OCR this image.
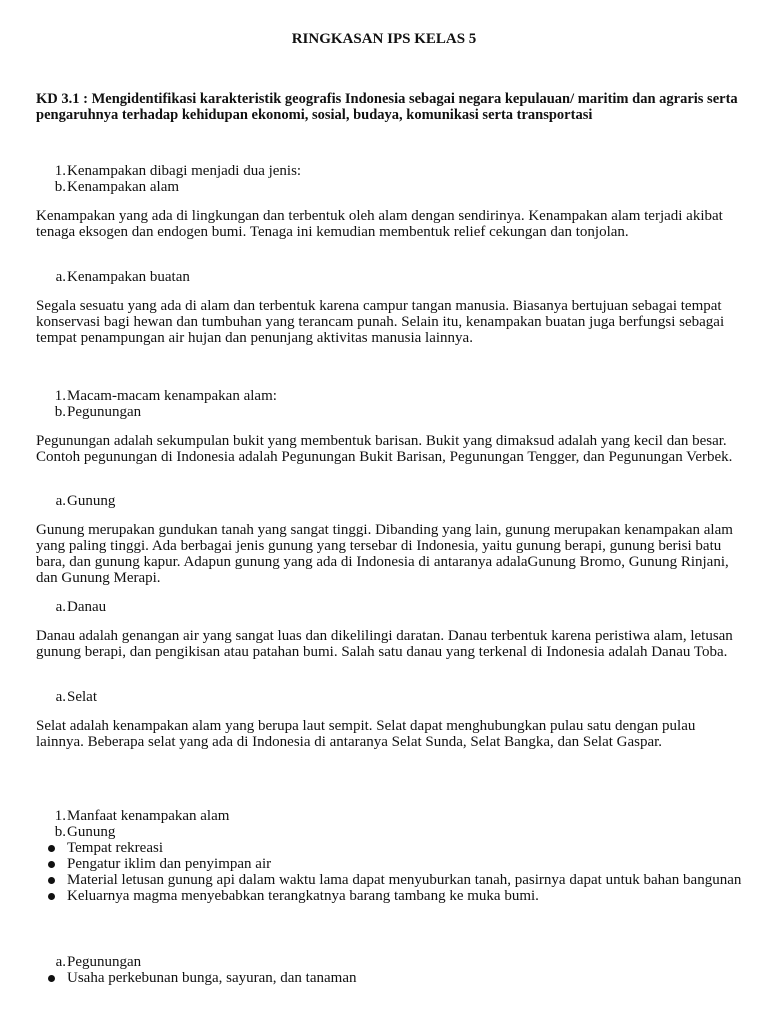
RINGKASAN IPS KELAS 5
KD 3.1 : Mengidentifikasi karakteristik geografis Indonesia sebagai negara kepulauan/ maritim dan agraris serta pengaruhnya terhadap kehidupan ekonomi, sosial, budaya, komunikasi serta transportasi
1. Kenampakan dibagi menjadi dua jenis:
b. Kenampakan alam
Kenampakan yang ada di lingkungan dan terbentuk oleh alam dengan sendirinya. Kenampakan alam terjadi akibat tenaga eksogen dan endogen bumi. Tenaga ini kemudian membentuk relief cekungan dan tonjolan.
a. Kenampakan buatan
Segala sesuatu yang ada di alam dan terbentuk karena campur tangan manusia. Biasanya bertujuan sebagai tempat konservasi bagi hewan dan tumbuhan yang terancam punah. Selain itu, kenampakan buatan juga berfungsi sebagai tempat penampungan air hujan dan penunjang aktivitas manusia lainnya.
1. Macam-macam kenampakan alam:
b. Pegunungan
Pegunungan adalah sekumpulan bukit yang membentuk barisan. Bukit yang dimaksud adalah yang kecil dan besar. Contoh pegunungan di Indonesia adalah Pegunungan Bukit Barisan, Pegunungan Tengger, dan Pegunungan Verbek.
a. Gunung
Gunung merupakan gundukan tanah yang sangat tinggi. Dibanding yang lain, gunung merupakan kenampakan alam yang paling tinggi. Ada berbagai jenis gunung yang tersebar di Indonesia, yaitu gunung berapi, gunung berisi batu bara, dan gunung kapur. Adapun gunung yang ada di Indonesia di antaranya adalaGunung Bromo, Gunung Rinjani, dan Gunung Merapi.
a. Danau
Danau adalah genangan air yang sangat luas dan dikelilingi daratan. Danau terbentuk karena peristiwa alam, letusan gunung berapi, dan pengikisan atau patahan bumi. Salah satu danau yang terkenal di Indonesia adalah Danau Toba.
a. Selat
Selat adalah kenampakan alam yang berupa laut sempit. Selat dapat menghubungkan pulau satu dengan pulau lainnya. Beberapa selat yang ada di Indonesia di antaranya Selat Sunda, Selat Bangka, dan Selat Gaspar.
1. Manfaat kenampakan alam
b. Gunung
Tempat rekreasi
Pengatur iklim dan penyimpan air
Material letusan gunung api dalam waktu lama dapat menyuburkan tanah, pasirnya dapat untuk bahan bangunan
Keluarnya magma menyebabkan terangkatnya barang tambang ke muka bumi.
a. Pegunungan
Usaha perkebunan bunga, sayuran, dan tanaman
